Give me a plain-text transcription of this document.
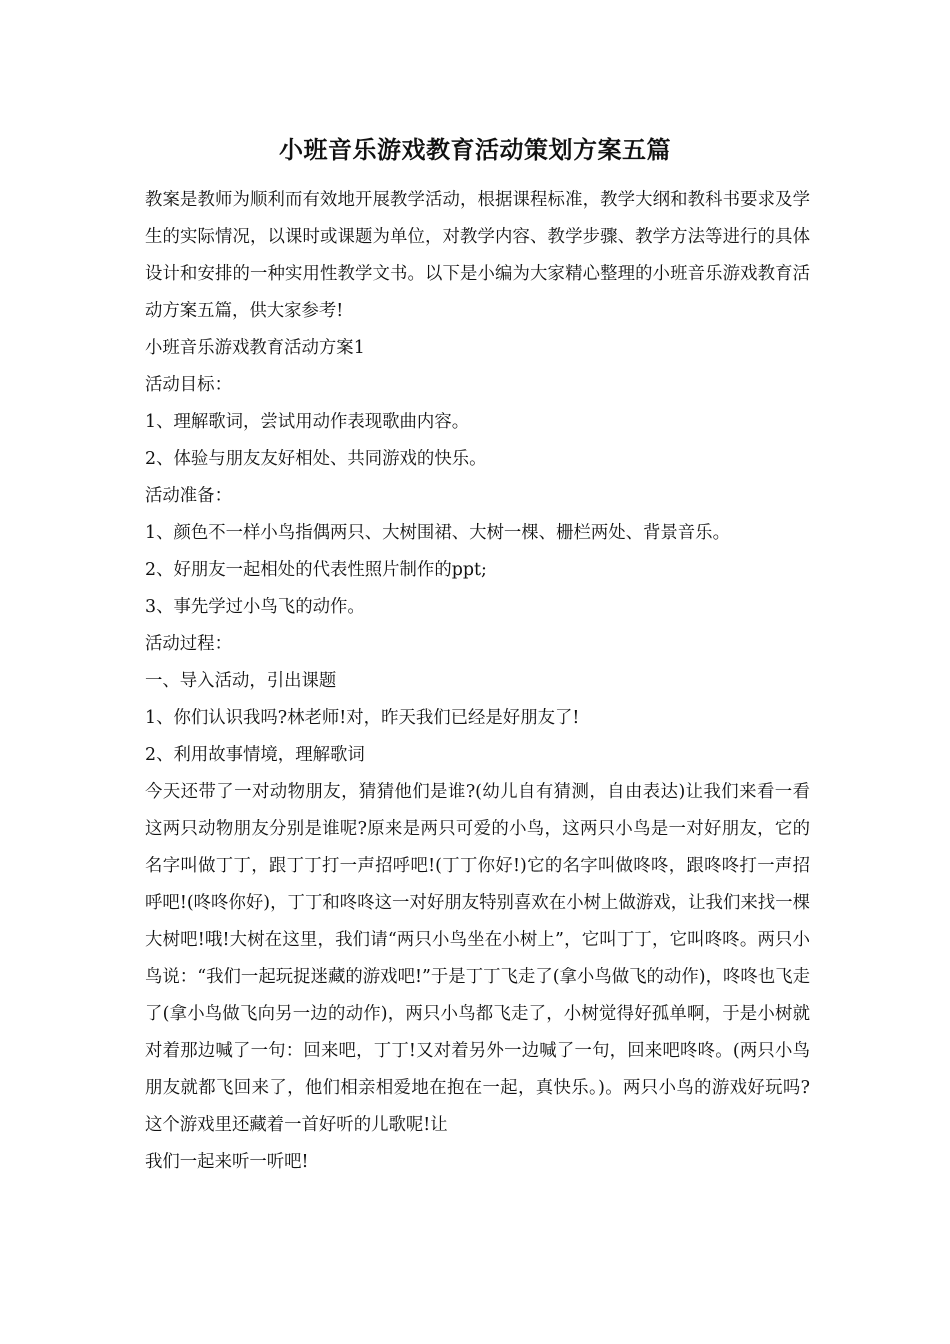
小班音乐游戏教育活动策划方案五篇

教案是教师为顺利而有效地开展教学活动，根据课程标准，教学大纲和教科书要求及学生的实际情况，以课时或课题为单位，对教学内容、教学步骤、教学方法等进行的具体设计和安排的一种实用性教学文书。以下是小编为大家精心整理的小班音乐游戏教育活动方案五篇，供大家参考!

小班音乐游戏教育活动方案1

活动目标：

1、理解歌词，尝试用动作表现歌曲内容。

2、体验与朋友友好相处、共同游戏的快乐。

活动准备：

1、颜色不一样小鸟指偶两只、大树围裙、大树一棵、栅栏两处、背景音乐。

2、好朋友一起相处的代表性照片制作的ppt;

3、事先学过小鸟飞的动作。

活动过程：

一、导入活动，引出课题

1、你们认识我吗?林老师!对，昨天我们已经是好朋友了!

2、利用故事情境，理解歌词

今天还带了一对动物朋友，猜猜他们是谁?(幼儿自有猜测，自由表达)让我们来看一看这两只动物朋友分别是谁呢?原来是两只可爱的小鸟，这两只小鸟是一对好朋友，它的名字叫做丁丁，跟丁丁打一声招呼吧!(丁丁你好!)它的名字叫做咚咚，跟咚咚打一声招呼吧!(咚咚你好)，丁丁和咚咚这一对好朋友特别喜欢在小树上做游戏，让我们来找一棵大树吧!哦!大树在这里，我们请“两只小鸟坐在小树上”，它叫丁丁，它叫咚咚。两只小鸟说：“我们一起玩捉迷藏的游戏吧!”于是丁丁飞走了(拿小鸟做飞的动作)，咚咚也飞走了(拿小鸟做飞向另一边的动作)，两只小鸟都飞走了，小树觉得好孤单啊，于是小树就对着那边喊了一句：回来吧，丁丁!又对着另外一边喊了一句，回来吧咚咚。(两只小鸟朋友就都飞回来了，他们相亲相爱地在抱在一起，真快乐。)。两只小鸟的游戏好玩吗?这个游戏里还藏着一首好听的儿歌呢!让

我们一起来听一听吧!
